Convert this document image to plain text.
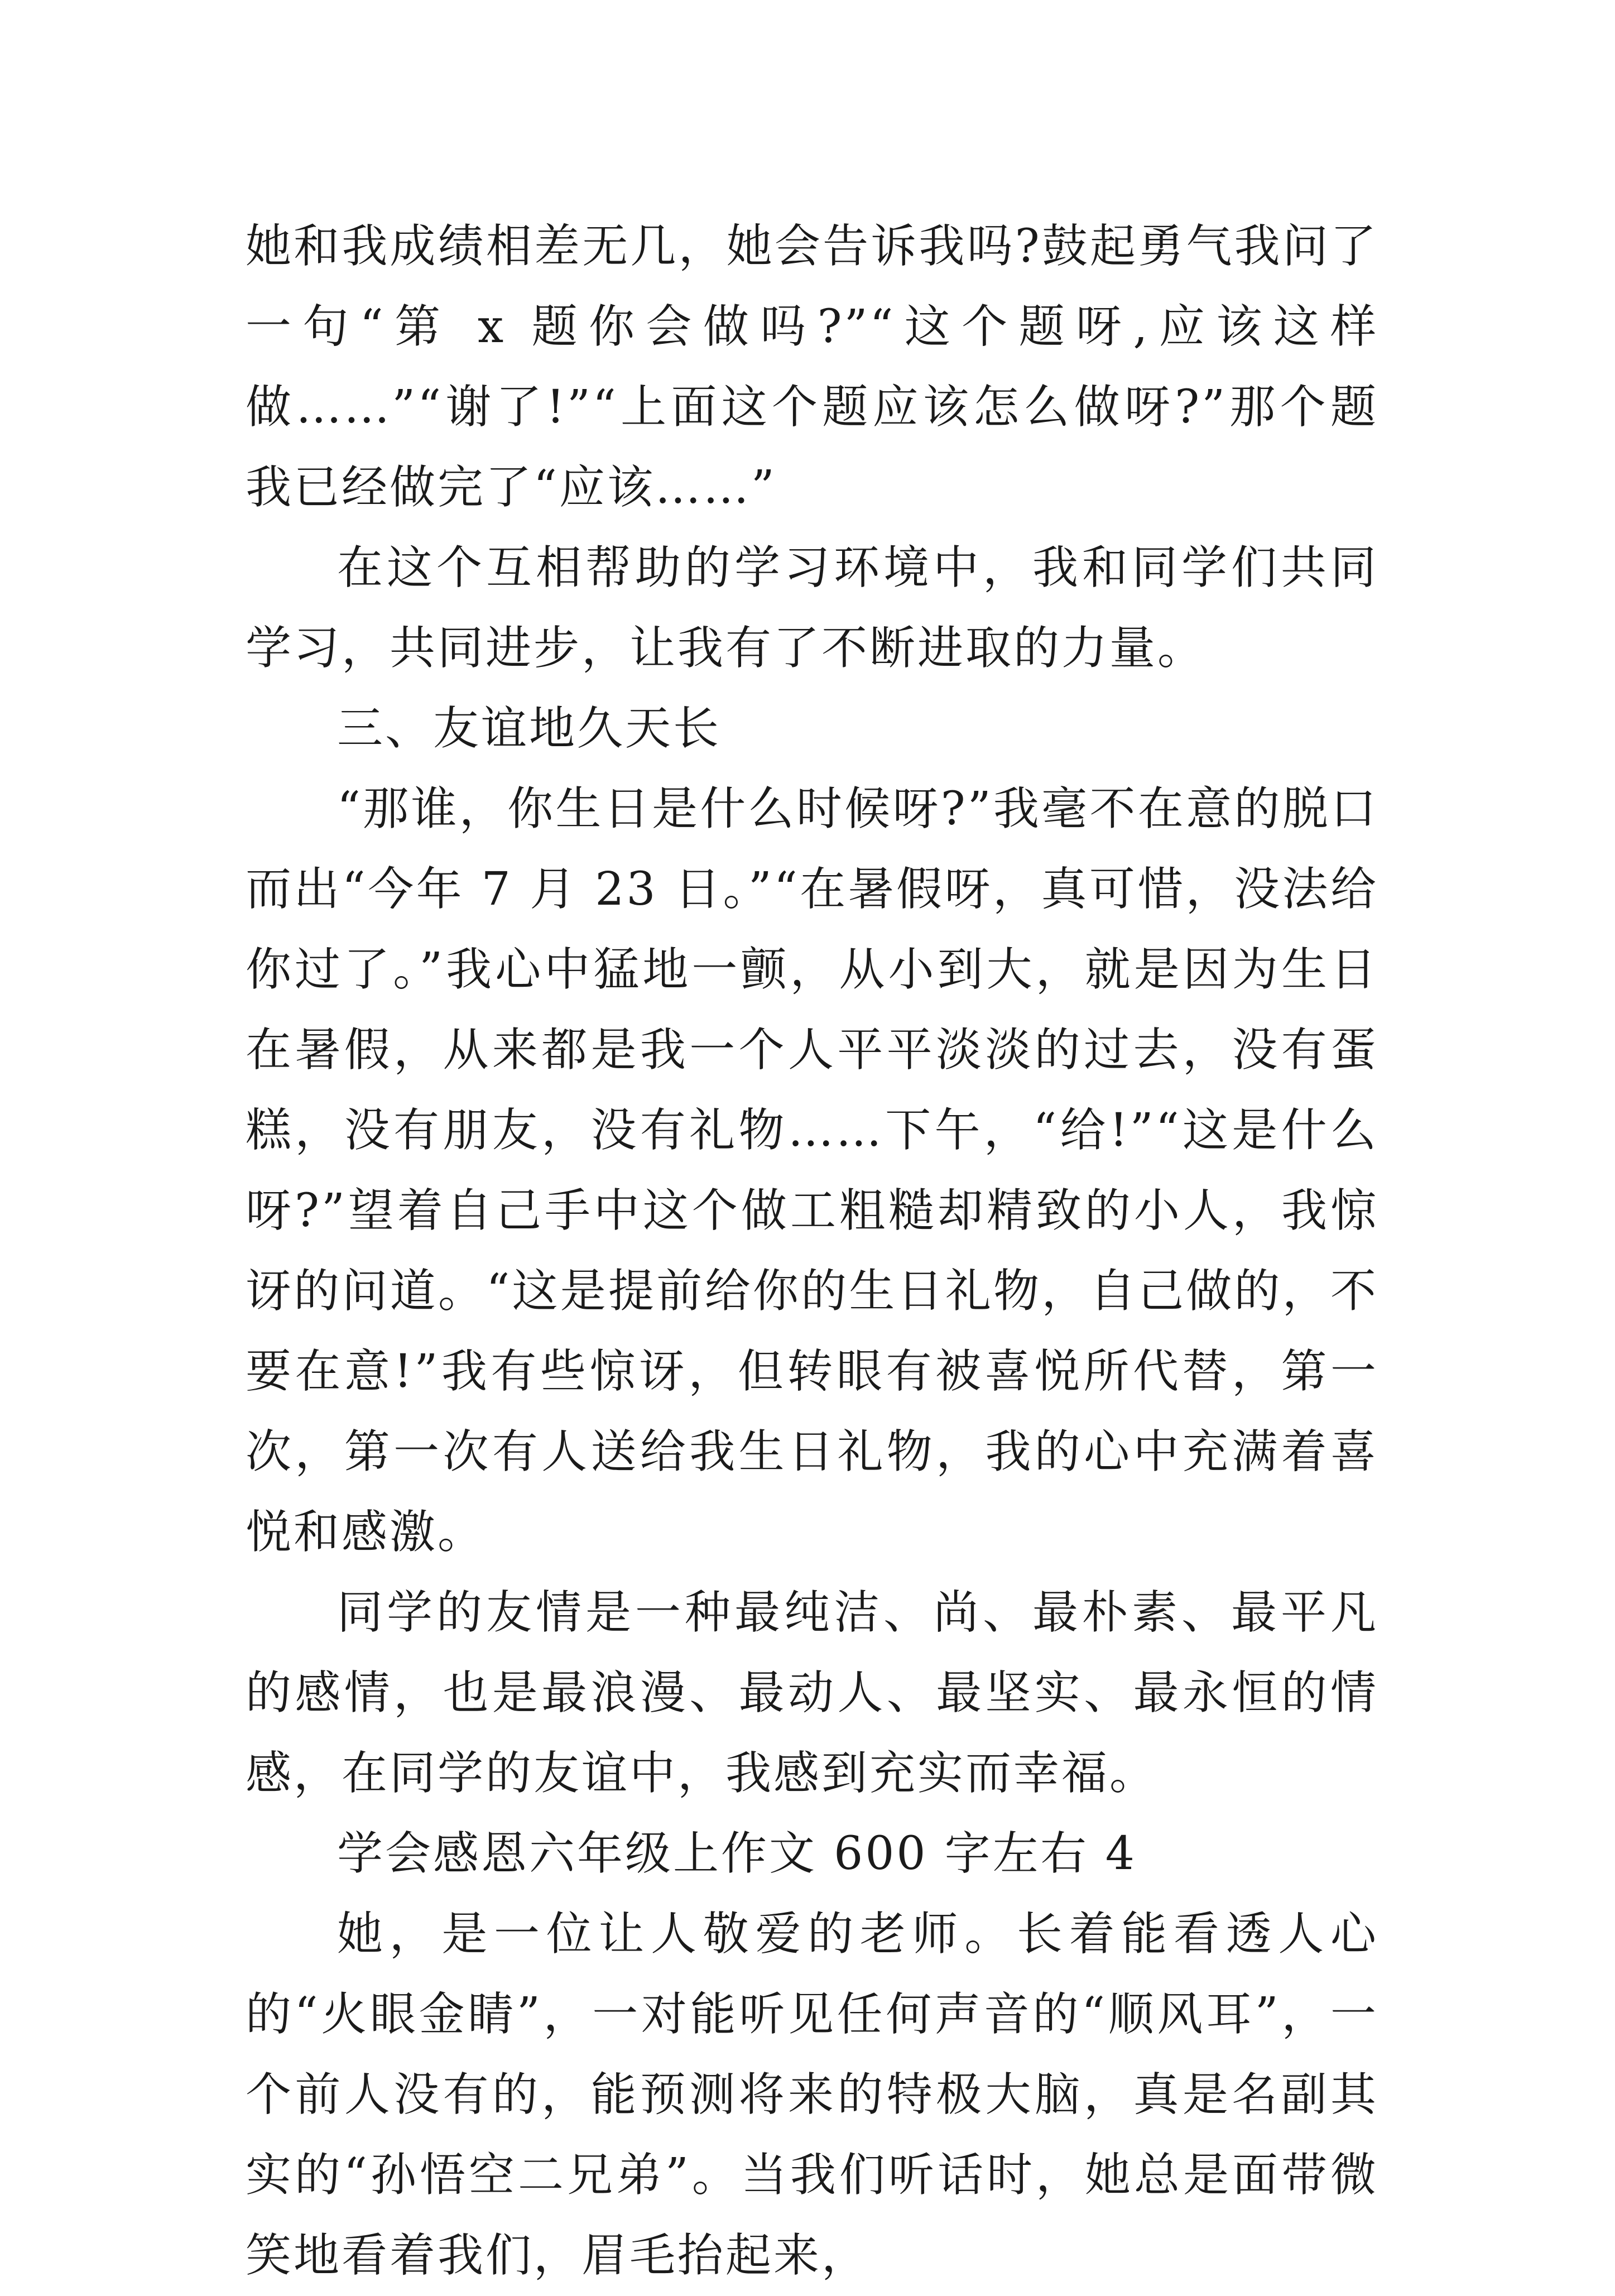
她和我成绩相差无几，她会告诉我吗?鼓起勇气我问了一句“第 x 题你会做吗?”“这个题呀,应该这样做……”“谢了!”“上面这个题应该怎么做呀?”那个题我已经做完了“应该……”

在这个互相帮助的学习环境中，我和同学们共同学习，共同进步，让我有了不断进取的力量。

三、友谊地久天长

“那谁，你生日是什么时候呀?”我毫不在意的脱口而出“今年 7 月 23 日。”“在暑假呀，真可惜，没法给你过了。”我心中猛地一颤，从小到大，就是因为生日在暑假，从来都是我一个人平平淡淡的过去，没有蛋糕，没有朋友，没有礼物……下午，“给!”“这是什么呀?”望着自己手中这个做工粗糙却精致的小人，我惊讶的问道。“这是提前给你的生日礼物，自己做的，不要在意!”我有些惊讶，但转眼有被喜悦所代替，第一次，第一次有人送给我生日礼物，我的心中充满着喜悦和感激。

同学的友情是一种最纯洁、尚、最朴素、最平凡的感情，也是最浪漫、最动人、最坚实、最永恒的情感，在同学的友谊中，我感到充实而幸福。

学会感恩六年级上作文 600 字左右 4

她，是一位让人敬爱的老师。长着能看透人心的“火眼金睛”，一对能听见任何声音的“顺风耳”，一个前人没有的，能预测将来的特极大脑，真是名副其实的“孙悟空二兄弟”。当我们听话时，她总是面带微笑地看着我们，眉毛抬起来，
